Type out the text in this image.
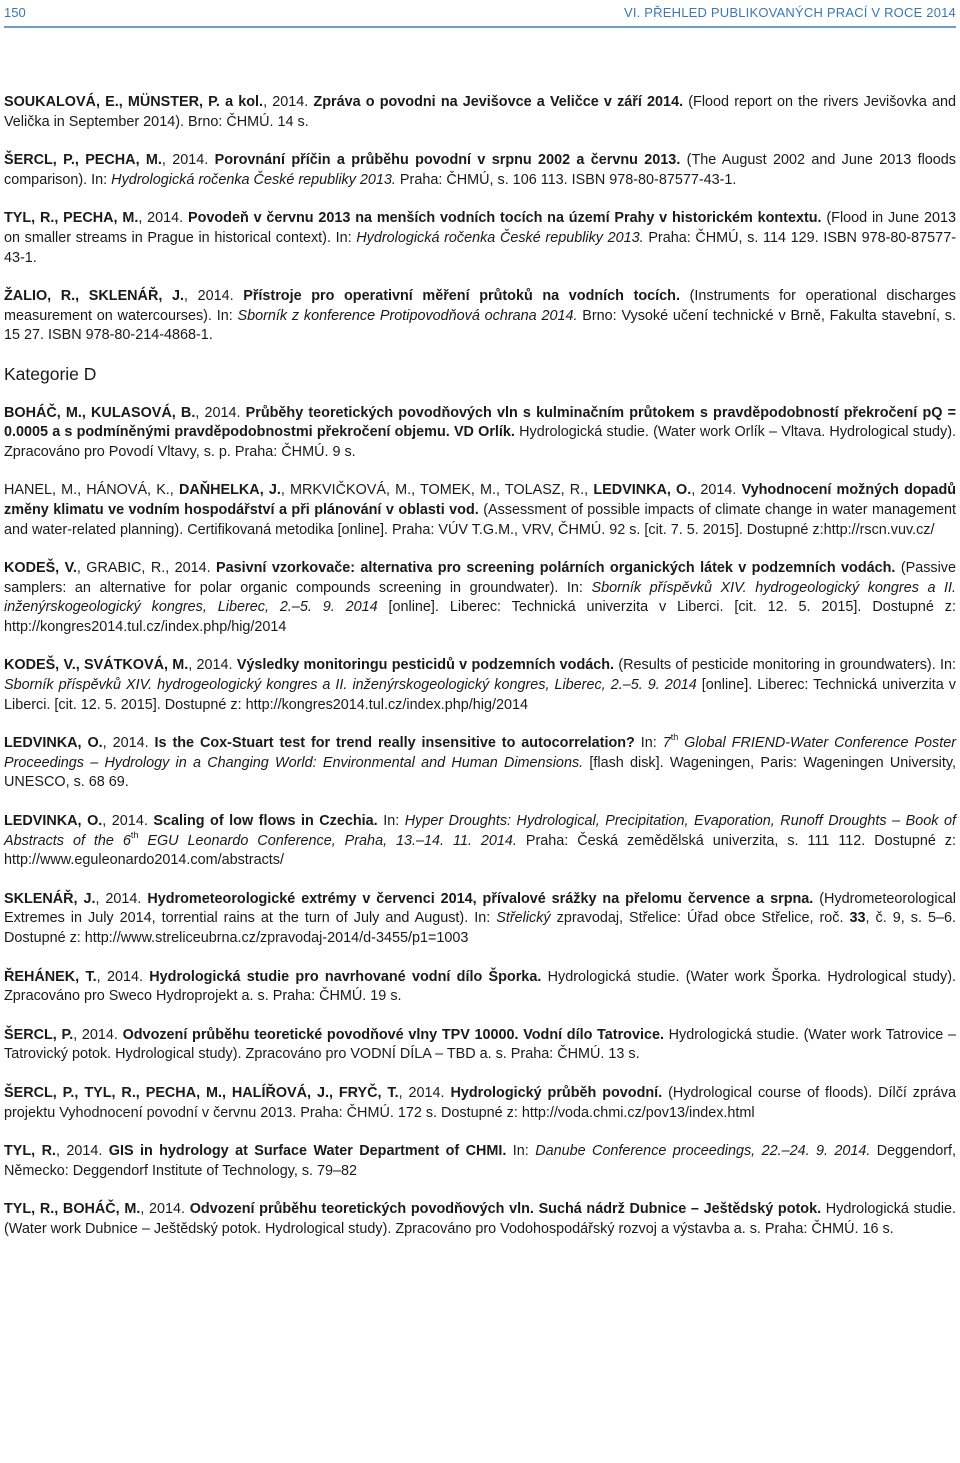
150	VI. PŘEHLED PUBLIKOVANÝCH PRACÍ V ROCE 2014

SOUKALOVÁ, E., MÜNSTER, P. a kol., 2014. Zpráva o povodni na Jevišovce a Veličce v září 2014. (Flood report on the rivers Jevišovka and Velička in September 2014). Brno: ČHMÚ. 14 s.

ŠERCL, P., PECHA, M., 2014. Porovnání příčin a průběhu povodní v srpnu 2002 a červnu 2013. (The August 2002 and June 2013 floods comparison). In: Hydrologická ročenka České republiky 2013. Praha: ČHMÚ, s. 106 113. ISBN 978-80-87577-43-1.

TYL, R., PECHA, M., 2014. Povodeň v červnu 2013 na menších vodních tocích na území Prahy v historickém kontextu. (Flood in June 2013 on smaller streams in Prague in historical context). In: Hydrologická ročenka České republiky 2013. Praha: ČHMÚ, s. 114 129. ISBN 978-80-87577-43-1.

ŽALIO, R., SKLENÁŘ, J., 2014. Přístroje pro operativní měření průtoků na vodních tocích. (Instruments for operational discharges measurement on watercourses). In: Sborník z konference Protipovodňová ochrana 2014. Brno: Vysoké učení technické v Brně, Fakulta stavební, s. 15 27. ISBN 978-80-214-4868-1.

Kategorie D

BOHÁČ, M., KULASOVÁ, B., 2014. Průběhy teoretických povodňových vln s kulminačním průtokem s pravděpodobností překročení pQ = 0.0005 a s podmíněnými pravděpodobnostmi překročení objemu. VD Orlík. Hydrologická studie. (Water work Orlík – Vltava. Hydrological study). Zpracováno pro Povodí Vltavy, s. p. Praha: ČHMÚ. 9 s.

HANEL, M., HÁNOVÁ, K., DAŇHELKA, J., MRKVIČKOVÁ, M., TOMEK, M., TOLASZ, R., LEDVINKA, O., 2014. Vyhodnocení možných dopadů změny klimatu ve vodním hospodářství a při plánování v oblasti vod. (Assessment of possible impacts of climate change in water management and water-related planning). Certifikovaná metodika [online]. Praha: VÚV T.G.M., VRV, ČHMÚ. 92 s. [cit. 7. 5. 2015]. Dostupné z:http://rscn.vuv.cz/

KODEŠ, V., GRABIC, R., 2014. Pasivní vzorkovače: alternativa pro screening polárních organických látek v podzemních vodách. (Passive samplers: an alternative for polar organic compounds screening in groundwater). In: Sborník příspěvků XIV. hydrogeologický kongres a II. inženýrskogeologický kongres, Liberec, 2.–5. 9. 2014 [online]. Liberec: Technická univerzita v Liberci. [cit. 12. 5. 2015]. Dostupné z: http://kongres2014.tul.cz/index.php/hig/2014

KODEŠ, V., SVÁTKOVÁ, M., 2014. Výsledky monitoringu pesticidů v podzemních vodách. (Results of pesticide monitoring in groundwaters). In: Sborník příspěvků XIV. hydrogeologický kongres a II. inženýrskogeologický kongres, Liberec, 2.–5. 9. 2014 [online]. Liberec: Technická univerzita v Liberci. [cit. 12. 5. 2015]. Dostupné z: http://kongres2014.tul.cz/index.php/hig/2014

LEDVINKA, O., 2014. Is the Cox-Stuart test for trend really insensitive to autocorrelation? In: 7th Global FRIEND-Water Conference Poster Proceedings – Hydrology in a Changing World: Environmental and Human Dimensions. [flash disk]. Wageningen, Paris: Wageningen University, UNESCO, s. 68 69.

LEDVINKA, O., 2014. Scaling of low flows in Czechia. In: Hyper Droughts: Hydrological, Precipitation, Evaporation, Runoff Droughts – Book of Abstracts of the 6th EGU Leonardo Conference, Praha, 13.–14. 11. 2014. Praha: Česká zemědělská univerzita, s. 111 112. Dostupné z: http://www.eguleonardo2014.com/abstracts/

SKLENÁŘ, J., 2014. Hydrometeorologické extrémy v červenci 2014, přívalové srážky na přelomu července a srpna. (Hydrometeorological Extremes in July 2014, torrential rains at the turn of July and August). In: Střelický zpravodaj, Střelice: Úřad obce Střelice, roč. 33, č. 9, s. 5–6. Dostupné z: http://www.streliceubrna.cz/zpravodaj-2014/d-3455/p1=1003

ŘEHÁNEK, T., 2014. Hydrologická studie pro navrhované vodní dílo Šporka. Hydrologická studie. (Water work Šporka. Hydrological study). Zpracováno pro Sweco Hydroprojekt a. s. Praha: ČHMÚ. 19 s.

ŠERCL, P., 2014. Odvození průběhu teoretické povodňové vlny TPV 10000. Vodní dílo Tatrovice. Hydrologická studie. (Water work Tatrovice – Tatrovický potok. Hydrological study). Zpracováno pro VODNÍ DÍLA – TBD a. s. Praha: ČHMÚ. 13 s.

ŠERCL, P., TYL, R., PECHA, M., HALÍŘOVÁ, J., FRYČ, T., 2014. Hydrologický průběh povodní. (Hydrological course of floods). Dílčí zpráva projektu Vyhodnocení povodní v červnu 2013. Praha: ČHMÚ. 172 s. Dostupné z: http://voda.chmi.cz/pov13/index.html

TYL, R., 2014. GIS in hydrology at Surface Water Department of CHMI. In: Danube Conference proceedings, 22.–24. 9. 2014. Deggendorf, Německo: Deggendorf Institute of Technology, s. 79–82

TYL, R., BOHÁČ, M., 2014. Odvození průběhu teoretických povodňových vln. Suchá nádrž Dubnice – Ještědský potok. Hydrologická studie. (Water work Dubnice – Ještědský potok. Hydrological study). Zpracováno pro Vodohospodářský rozvoj a výstavba a. s. Praha: ČHMÚ. 16 s.
